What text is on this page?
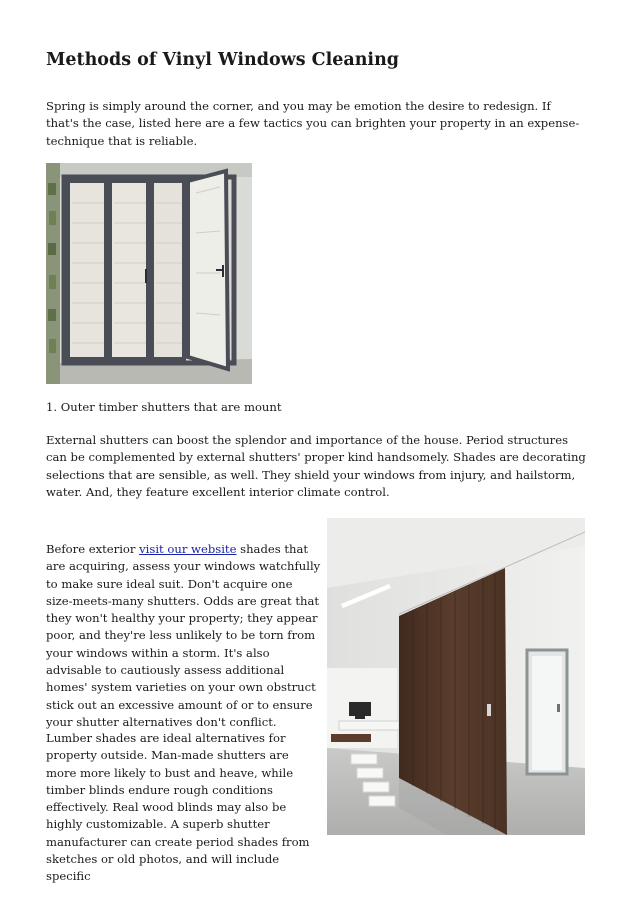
Methods of Vinyl Windows Cleaning

Spring is simply around the corner, and you may be emotion the desire to redesign. If that's the case, listed here are a few tactics you can brighten your property in an expense- technique that is reliable.

1. Outer timber shutters that are mount

External shutters can boost the splendor and importance of the house. Period structures can be complemented by external shutters' proper kind handsomely. Shades are decorating selections that are sensible, as well. They shield your windows from injury, and hailstorm, water. And, they feature excellent interior climate control.

Before exterior visit our website shades that are acquiring, assess your windows watchfully to make sure ideal suit. Don't acquire one size-meets-many shutters. Odds are great that they won't healthy your property; they appear poor, and they're less unlikely to be torn from your windows within a storm. It's also advisable to cautiously assess additional homes' system varieties on your own obstruct stick out an excessive amount of or to ensure your shutter alternatives don't conflict.

Lumber shades are ideal alternatives for property outside. Man-made shutters are more more likely to bust and heave, while timber blinds endure rough conditions effectively. Real wood blinds may also be highly customizable. A superb shutter manufacturer can create period shades from sketches or old photos, and will include specific
